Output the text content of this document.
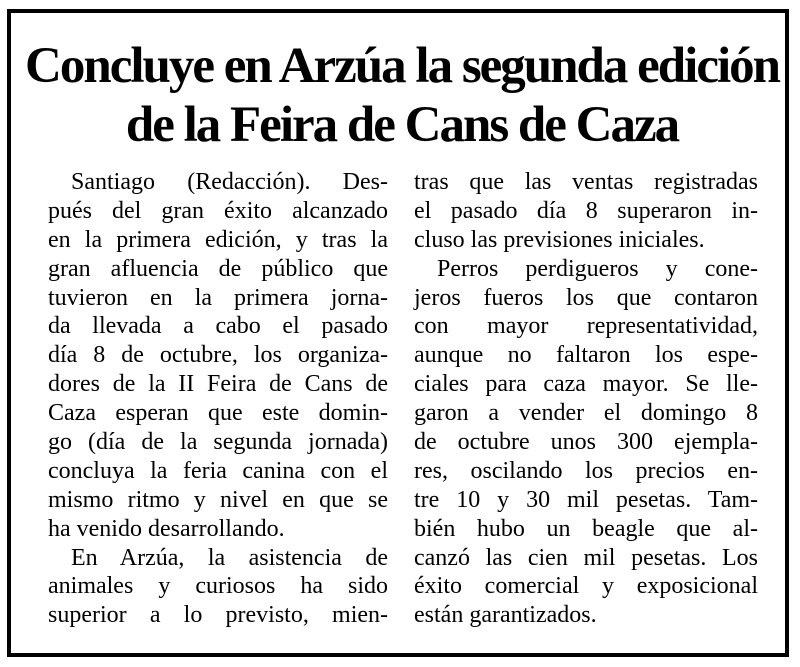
Concluye en Arzúa la segunda edición
de la Feira de Cans de Caza
Santiago (Redacción). Des-
pués del gran éxito alcanzado
en la primera edición, y tras la
gran afluencia de público que
tuvieron en la primera jorna-
da llevada a cabo el pasado
día 8 de octubre, los organiza-
dores de la II Feira de Cans de
Caza esperan que este domin-
go (día de la segunda jornada)
concluya la feria canina con el
mismo ritmo y nivel en que se
ha venido desarrollando.
En Arzúa, la asistencia de
animales y curiosos ha sido
superior a lo previsto, mien-
tras que las ventas registradas
el pasado día 8 superaron in-
cluso las previsiones iniciales.
Perros perdigueros y cone-
jeros fueros los que contaron
con mayor representatividad,
aunque no faltaron los espe-
ciales para caza mayor. Se lle-
garon a vender el domingo 8
de octubre unos 300 ejempla-
res, oscilando los precios en-
tre 10 y 30 mil pesetas. Tam-
bién hubo un beagle que al-
canzó las cien mil pesetas. Los
éxito comercial y exposicional
están garantizados.
